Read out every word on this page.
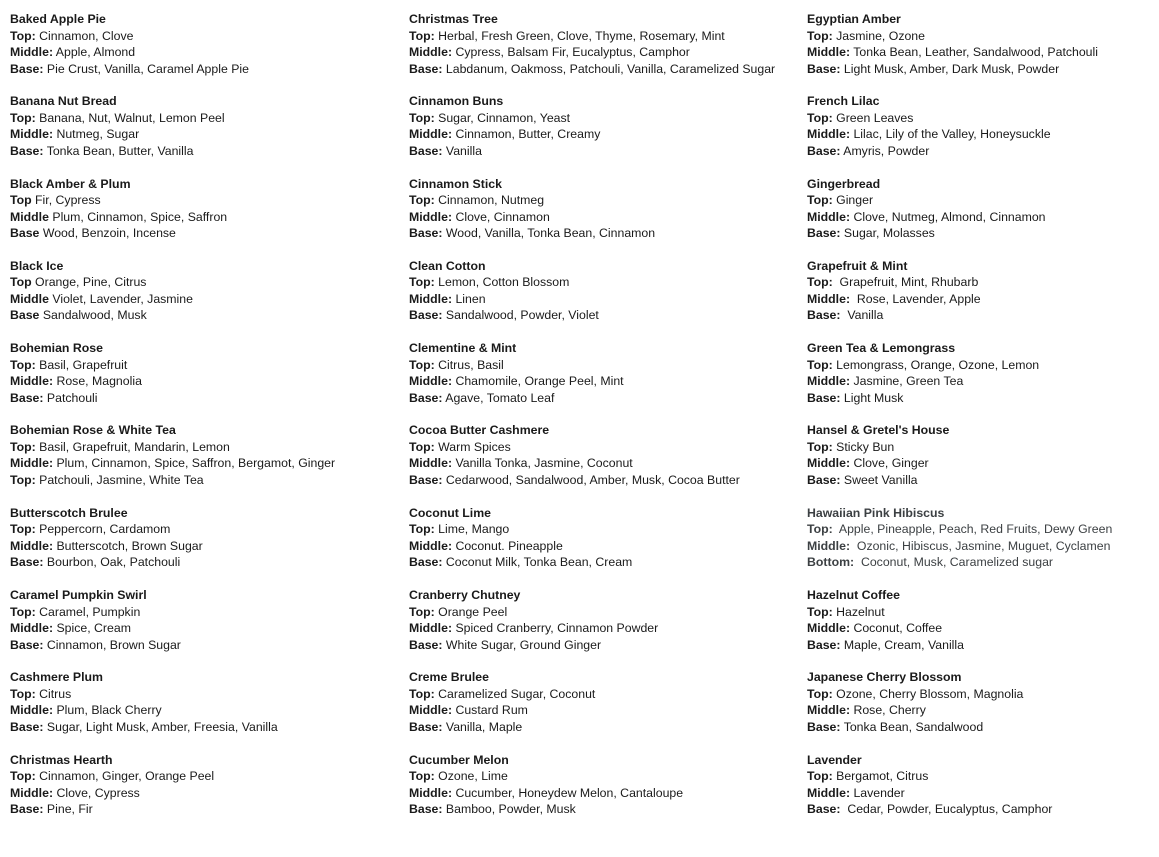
Baked Apple Pie
Top: Cinnamon, Clove
Middle: Apple, Almond
Base: Pie Crust, Vanilla, Caramel Apple Pie
Banana Nut Bread
Top: Banana, Nut, Walnut, Lemon Peel
Middle: Nutmeg, Sugar
Base: Tonka Bean, Butter, Vanilla
Black Amber & Plum
Top Fir, Cypress
Middle Plum, Cinnamon, Spice, Saffron
Base Wood, Benzoin, Incense
Black Ice
Top Orange, Pine, Citrus
Middle Violet, Lavender, Jasmine
Base Sandalwood, Musk
Bohemian Rose
Top: Basil, Grapefruit
Middle: Rose, Magnolia
Base: Patchouli
Bohemian Rose & White Tea
Top: Basil, Grapefruit, Mandarin, Lemon
Middle: Plum, Cinnamon, Spice, Saffron, Bergamot, Ginger
Top: Patchouli, Jasmine, White Tea
Butterscotch Brulee
Top: Peppercorn, Cardamom
Middle: Butterscotch, Brown Sugar
Base: Bourbon, Oak, Patchouli
Caramel Pumpkin Swirl
Top: Caramel, Pumpkin
Middle: Spice, Cream
Base: Cinnamon, Brown Sugar
Cashmere Plum
Top: Citrus
Middle: Plum, Black Cherry
Base: Sugar, Light Musk, Amber, Freesia, Vanilla
Christmas Hearth
Top: Cinnamon, Ginger, Orange Peel
Middle: Clove, Cypress
Base: Pine, Fir
Christmas Tree
Top: Herbal, Fresh Green, Clove, Thyme, Rosemary, Mint
Middle: Cypress, Balsam Fir, Eucalyptus, Camphor
Base: Labdanum, Oakmoss, Patchouli, Vanilla, Caramelized Sugar
Cinnamon Buns
Top: Sugar, Cinnamon, Yeast
Middle: Cinnamon, Butter, Creamy
Base: Vanilla
Cinnamon Stick
Top: Cinnamon, Nutmeg
Middle: Clove, Cinnamon
Base: Wood, Vanilla, Tonka Bean, Cinnamon
Clean Cotton
Top: Lemon, Cotton Blossom
Middle: Linen
Base: Sandalwood, Powder, Violet
Clementine & Mint
Top: Citrus, Basil
Middle: Chamomile, Orange Peel, Mint
Base: Agave, Tomato Leaf
Cocoa Butter Cashmere
Top: Warm Spices
Middle: Vanilla Tonka, Jasmine, Coconut
Base: Cedarwood, Sandalwood, Amber, Musk, Cocoa Butter
Coconut Lime
Top: Lime, Mango
Middle: Coconut. Pineapple
Base: Coconut Milk, Tonka Bean, Cream
Cranberry Chutney
Top: Orange Peel
Middle: Spiced Cranberry, Cinnamon Powder
Base: White Sugar, Ground Ginger
Creme Brulee
Top: Caramelized Sugar, Coconut
Middle: Custard Rum
Base: Vanilla, Maple
Cucumber Melon
Top: Ozone, Lime
Middle: Cucumber, Honeydew Melon, Cantaloupe
Base: Bamboo, Powder, Musk
Egyptian Amber
Top: Jasmine, Ozone
Middle: Tonka Bean, Leather, Sandalwood, Patchouli
Base: Light Musk, Amber, Dark Musk, Powder
French Lilac
Top: Green Leaves
Middle: Lilac, Lily of the Valley, Honeysuckle
Base: Amyris, Powder
Gingerbread
Top: Ginger
Middle: Clove, Nutmeg, Almond, Cinnamon
Base: Sugar, Molasses
Grapefruit & Mint
Top:  Grapefruit, Mint, Rhubarb
Middle:  Rose, Lavender, Apple
Base:  Vanilla
Green Tea & Lemongrass
Top: Lemongrass, Orange, Ozone, Lemon
Middle: Jasmine, Green Tea
Base: Light Musk
Hansel & Gretel's House
Top: Sticky Bun
Middle: Clove, Ginger
Base: Sweet Vanilla
Hawaiian Pink Hibiscus
Top:  Apple, Pineapple, Peach, Red Fruits, Dewy Green
Middle:  Ozonic, Hibiscus, Jasmine, Muguet, Cyclamen
Bottom:  Coconut, Musk, Caramelized sugar
Hazelnut Coffee
Top: Hazelnut
Middle: Coconut, Coffee
Base: Maple, Cream, Vanilla
Japanese Cherry Blossom
Top: Ozone, Cherry Blossom, Magnolia
Middle: Rose, Cherry
Base: Tonka Bean, Sandalwood
Lavender
Top: Bergamot, Citrus
Middle: Lavender
Base:  Cedar, Powder, Eucalyptus, Camphor
